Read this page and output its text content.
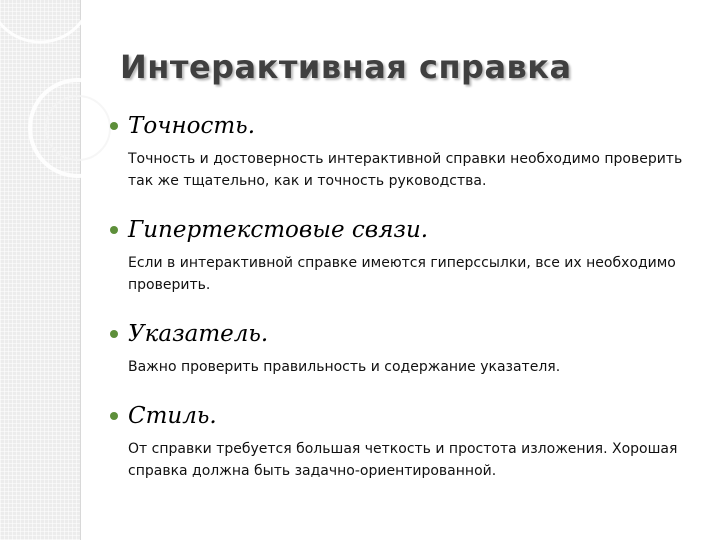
Интерактивная справка
Точность.
Точность и достоверность интерактивной справки необходимо проверить так же тщательно, как и точность руководства.
Гипертекстовые связи.
Если в интерактивной справке имеются гиперссылки, все их необходимо проверить.
Указатель.
Важно проверить правильность и содержание указателя.
Стиль.
От справки требуется большая четкость и простота изложения. Хорошая справка должна быть задачно-ориентированной.
